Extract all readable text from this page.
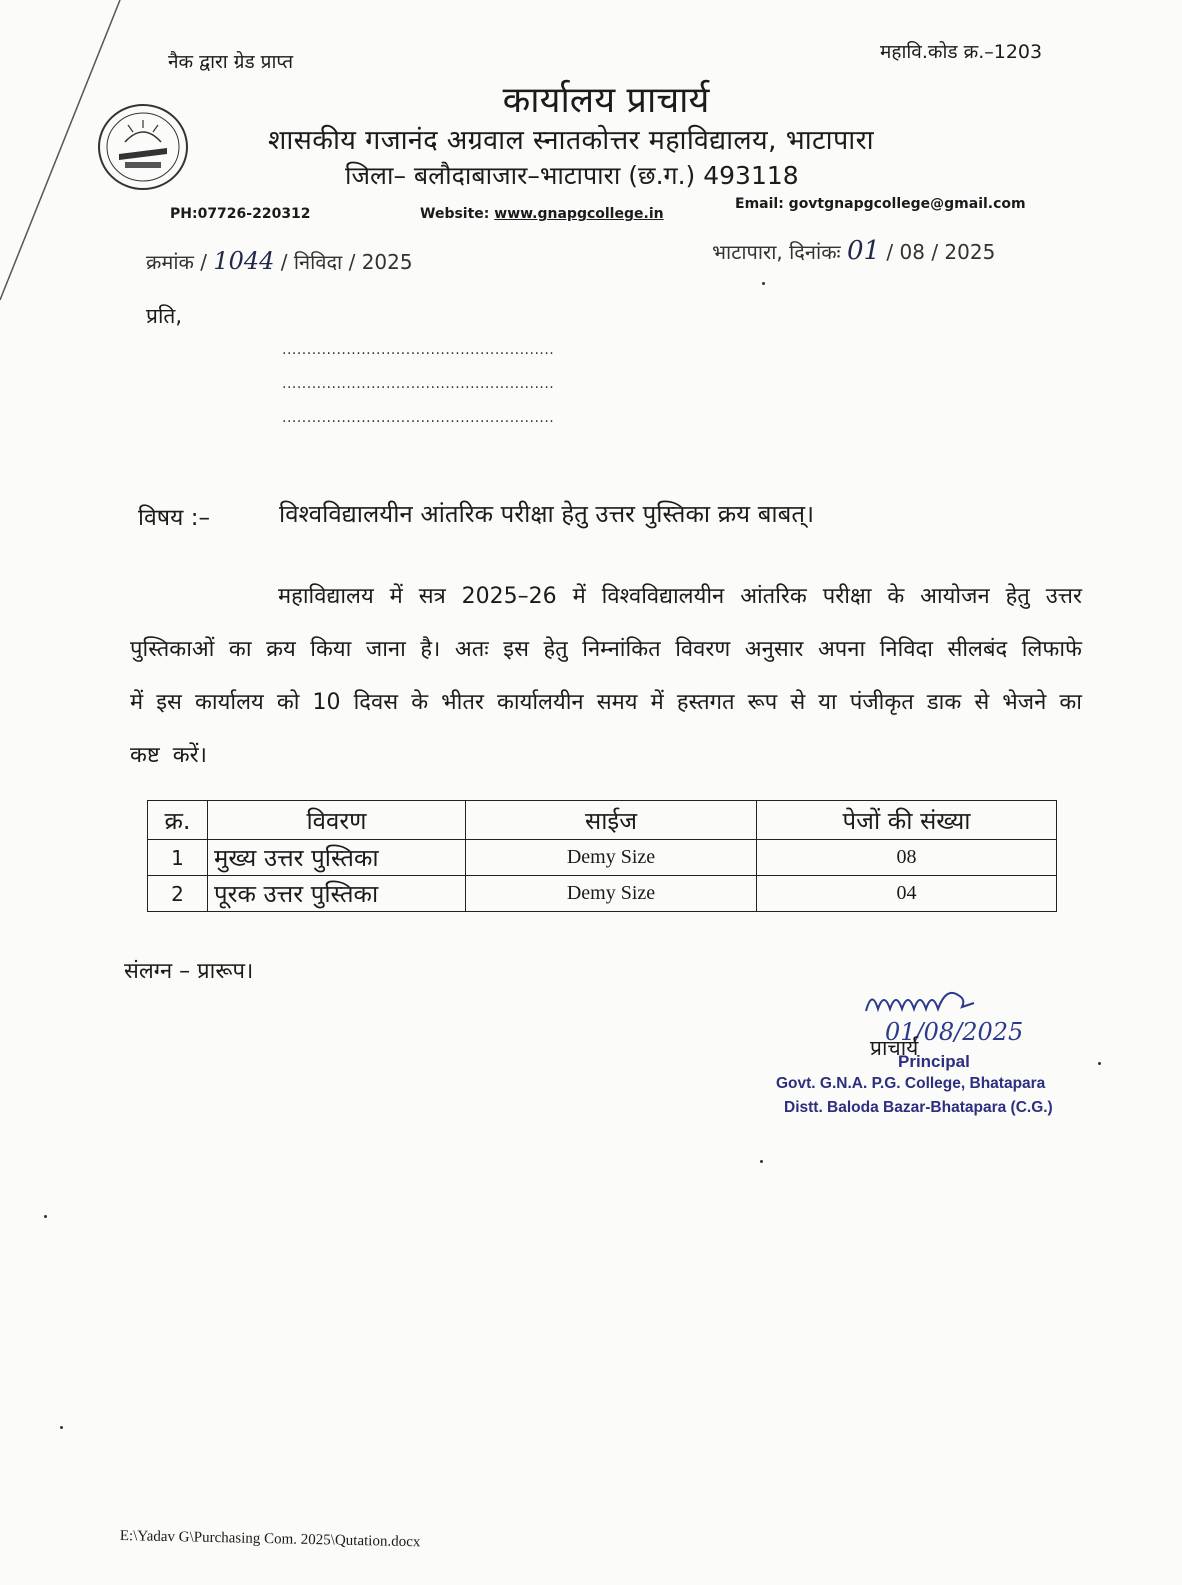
नैक द्वारा ग्रेड प्राप्त	महावि.कोड क्र.–1203
कार्यालय प्राचार्य
शासकीय गजानंद अग्रवाल स्नातकोत्तर महाविद्यालय, भाटापारा
जिला– बलौदाबाजार–भाटापारा (छ.ग.) 493118
PH:07726-220312	Website: www.gnapgcollege.in
Email: govtgnapgcollege@gmail.com
क्रमांक / 1044 / निविदा / 2025	भाटापारा, दिनांकः 01 / 08 / 2025
प्रति,
.......................................................
.......................................................
.......................................................
विषय :–	विश्वविद्यालयीन आंतरिक परीक्षा हेतु उत्तर पुस्तिका क्रय बाबत्।
महाविद्यालय में सत्र 2025–26 में विश्वविद्यालयीन आंतरिक परीक्षा के आयोजन हेतु उत्तर पुस्तिकाओं का क्रय किया जाना है। अतः इस हेतु निम्नांकित विवरण अनुसार अपना निविदा सीलबंद लिफाफे में इस कार्यालय को 10 दिवस के भीतर कार्यालयीन समय में हस्तगत रूप से या पंजीकृत डाक से भेजने का कष्ट करें।
क्र.	विवरण	साईज	पेजों की संख्या
1	मुख्य उत्तर पुस्तिका	Demy Size	08
2	पूरक उत्तर पुस्तिका	Demy Size	04
संलग्न – प्रारूप।
01/08/2025
प्राचार्य
Principal
Govt. G.N.A. P.G. College, Bhatapara
Distt. Baloda Bazar-Bhatapara (C.G.)
E:\Yadav G\Purchasing Com. 2025\Qutation.docx
